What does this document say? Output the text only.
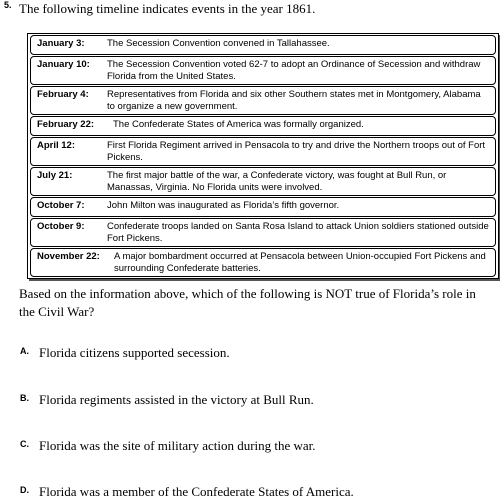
5. The following timeline indicates events in the year 1861.
January 3:	The Secession Convention convened in Tallahassee.
January 10:	The Secession Convention voted 62-7 to adopt an Ordinance of Secession and withdraw Florida from the United States.
February 4:	Representatives from Florida and six other Southern states met in Montgomery, Alabama to organize a new government.
February 22:	The Confederate States of America was formally organized.
April 12:	First Florida Regiment arrived in Pensacola to try and drive the Northern troops out of Fort Pickens.
July 21:	The first major battle of the war, a Confederate victory, was fought at Bull Run, or Manassas, Virginia. No Florida units were involved.
October 7:	John Milton was inaugurated as Florida’s fifth governor.
October 9:	Confederate troops landed on Santa Rosa Island to attack Union soldiers stationed outside Fort Pickens.
November 22:	A major bombardment occurred at Pensacola between Union-occupied Fort Pickens and surrounding Confederate batteries.
Based on the information above, which of the following is NOT true of Florida’s role in the Civil War?
A. Florida citizens supported secession.
B. Florida regiments assisted in the victory at Bull Run.
C. Florida was the site of military action during the war.
D. Florida was a member of the Confederate States of America.
